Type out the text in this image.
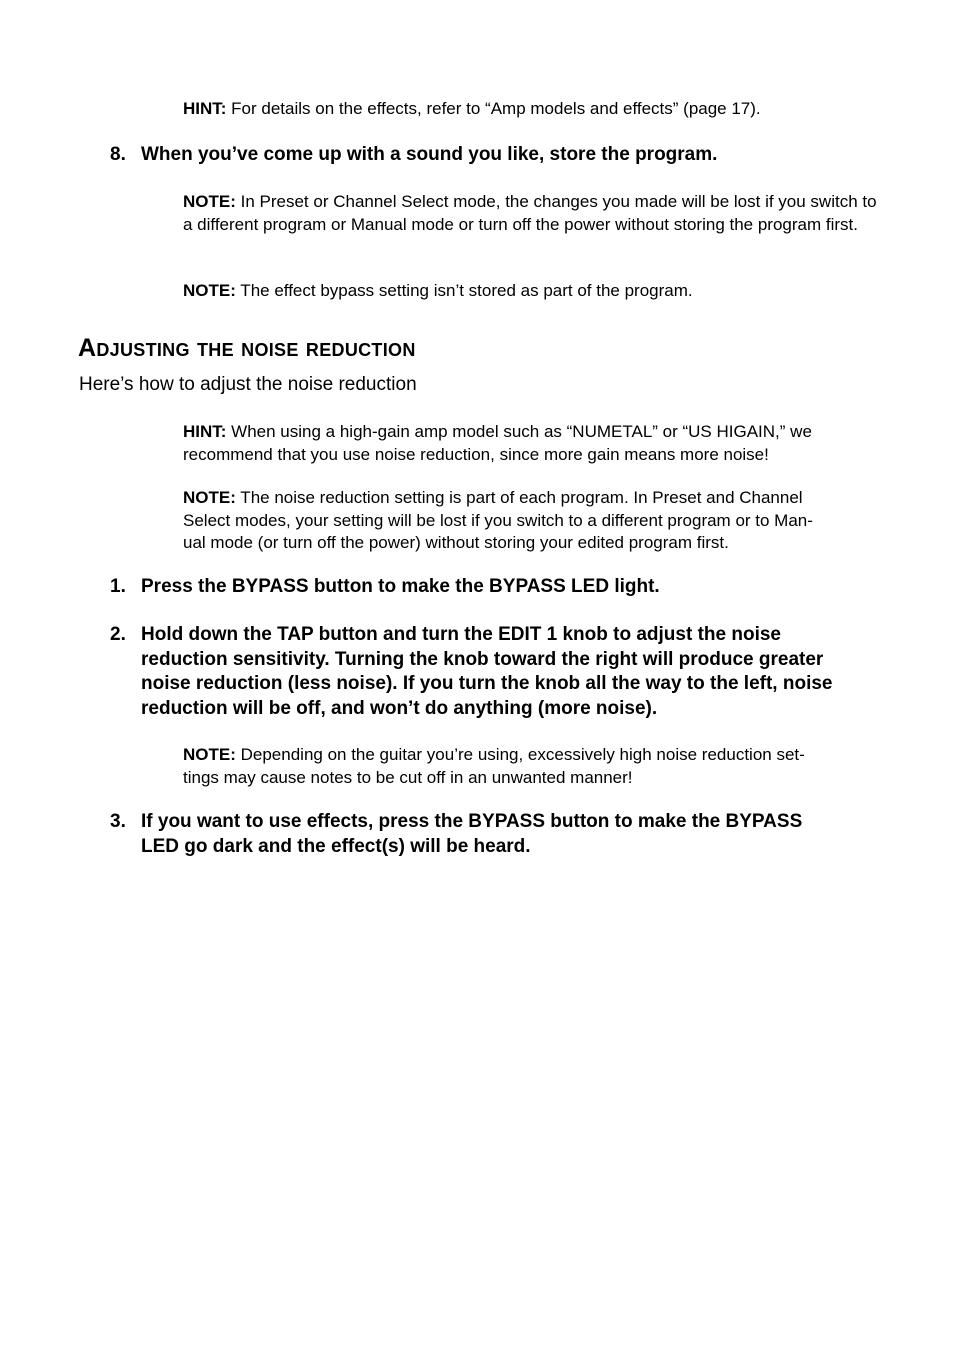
HINT: For details on the effects, refer to “Amp models and effects” (page 17).
8. When you’ve come up with a sound you like, store the program.
NOTE: In Preset or Channel Select mode, the changes you made will be lost if you switch to a different program or Manual mode or turn off the power without storing the program first.
NOTE: The effect bypass setting isn’t stored as part of the program.
Adjusting the noise reduction
Here’s how to adjust the noise reduction
HINT: When using a high-gain amp model such as “NUMETAL” or “US HIGAIN,” we recommend that you use noise reduction, since more gain means more noise!
NOTE: The noise reduction setting is part of each program. In Preset and Channel
Select modes, your setting will be lost if you switch to a different program or to Man-
ual mode (or turn off the power) without storing your edited program first.
1. Press the BYPASS button to make the BYPASS LED light.
2. Hold down the TAP button and turn the EDIT 1 knob to adjust the noise
reduction sensitivity. Turning the knob toward the right will produce greater
noise reduction (less noise). If you turn the knob all the way to the left, noise
reduction will be off, and won’t do anything (more noise).
NOTE: Depending on the guitar you’re using, excessively high noise reduction set-
tings may cause notes to be cut off in an unwanted manner!
3. If you want to use effects, press the BYPASS button to make the BYPASS
LED go dark and the effect(s) will be heard.
